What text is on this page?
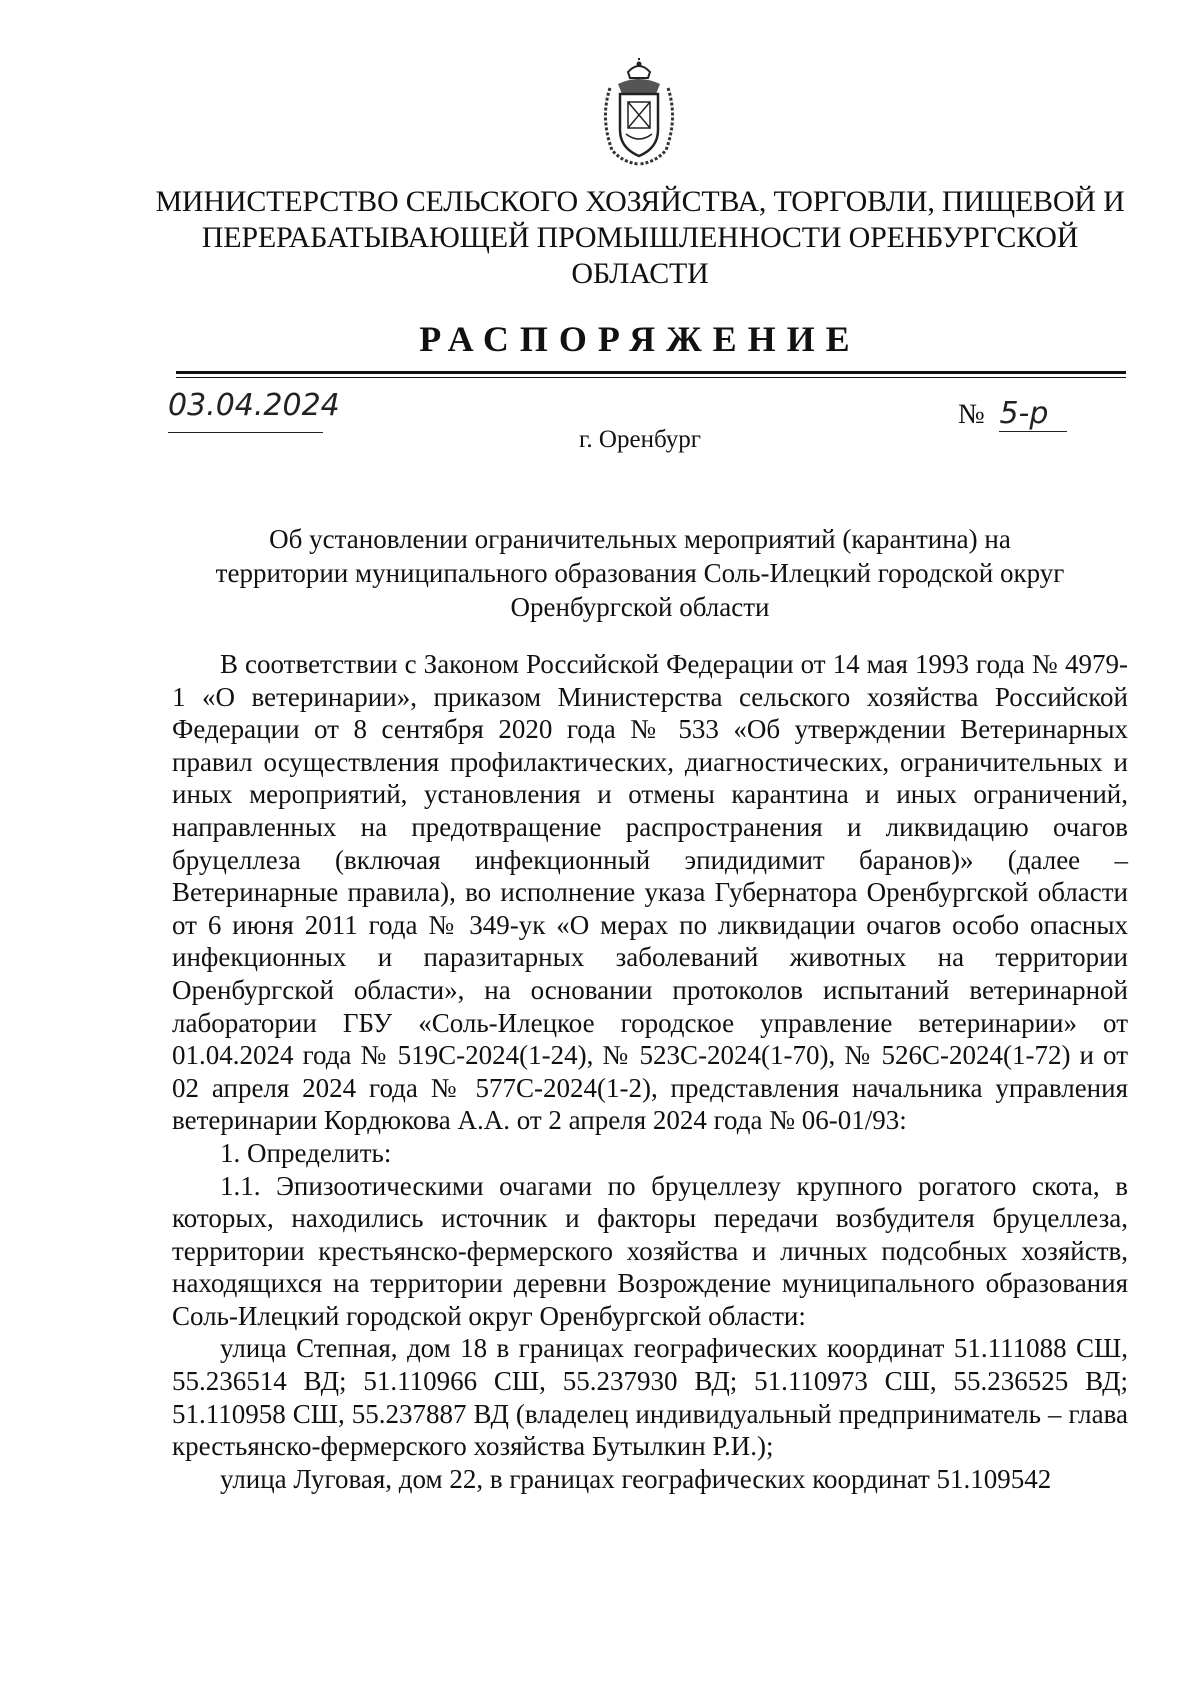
МИНИСТЕРСТВО СЕЛЬСКОГО ХОЗЯЙСТВА, ТОРГОВЛИ, ПИЩЕВОЙ И
ПЕРЕРАБАТЫВАЮЩЕЙ ПРОМЫШЛЕННОСТИ ОРЕНБУРГСКОЙ
ОБЛАСТИ
РАСПОРЯЖЕНИЕ
03.04.2024	№ 5-р
г. Оренбург
Об установлении ограничительных мероприятий (карантина) на
территории муниципального образования Соль-Илецкий городской округ
Оренбургской области

В соответствии с Законом Российской Федерации от 14 мая 1993 года № 4979-1 «О ветеринарии», приказом Министерства сельского хозяйства Российской Федерации от 8 сентября 2020 года № 533 «Об утверждении Ветеринарных правил осуществления профилактических, диагностических, ограничительных и иных мероприятий, установления и отмены карантина и иных ограничений, направленных на предотвращение распространения и ликвидацию очагов бруцеллеза (включая инфекционный эпидидимит баранов)» (далее – Ветеринарные правила), во исполнение указа Губернатора Оренбургской области от 6 июня 2011 года № 349-ук «О мерах по ликвидации очагов особо опасных инфекционных и паразитарных заболеваний животных на территории Оренбургской области», на основании протоколов испытаний ветеринарной лаборатории ГБУ «Соль-Илецкое городское управление ветеринарии» от 01.04.2024 года № 519С-2024(1-24), № 523С-2024(1-70), № 526С-2024(1-72) и от 02 апреля 2024 года № 577С-2024(1-2), представления начальника управления ветеринарии Кордюкова А.А. от 2 апреля 2024 года № 06-01/93:

1. Определить:

1.1. Эпизоотическими очагами по бруцеллезу крупного рогатого скота, в которых, находились источник и факторы передачи возбудителя бруцеллеза, территории крестьянско-фермерского хозяйства и личных подсобных хозяйств, находящихся на территории деревни Возрождение муниципального образования Соль-Илецкий городской округ Оренбургской области:

улица Степная, дом 18 в границах географических координат 51.111088 СШ, 55.236514 ВД; 51.110966 СШ, 55.237930 ВД; 51.110973 СШ, 55.236525 ВД; 51.110958 СШ, 55.237887 ВД (владелец индивидуальный предприниматель – глава крестьянско-фермерского хозяйства Бутылкин Р.И.);

улица Луговая, дом 22, в границах географических координат 51.109542
